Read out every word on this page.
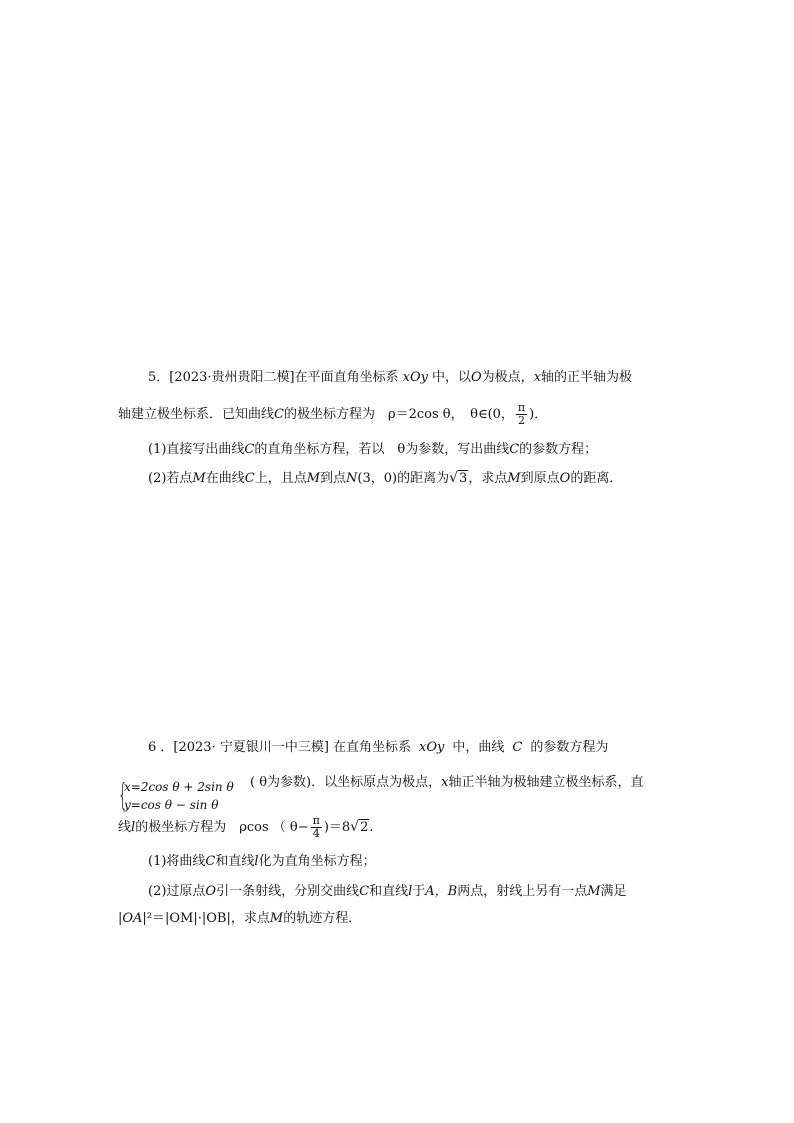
5．[2023·贵州贵阳二模]在平面直角坐标系 xOy 中，以O为极点，x轴的正半轴为极
轴建立极坐标系．已知曲线C的极坐标方程为　ρ＝2cos θ，　θ∈(0， $\frac{\pi}{2}$ )．
(1)直接写出曲线C的直角坐标方程，若以　θ为参数，写出曲线C的参数方程；
(2)若点M在曲线C上，且点M到点N(3，0)的距离为√3，求点M到原点O的距离．
6 ．[2023· 宁夏银川一中三模] 在直角坐标系 xOy 中，曲线 C 的参数方程为
{
x=2cos θ + 2sin θ
y=cos θ − sin θ
( θ为参数)．以坐标原点为极点，x轴正半轴为极轴建立极坐标系，直
线l的极坐标方程为　ρcos （ $\theta- \frac{\pi}{4} )=8√2$.
(1)将曲线C和直线l化为直角坐标方程；
(2)过原点O引一条射线，分别交曲线C和直线l于A，B两点，射线上另有一点M满足
|OA|²＝|OM|·|OB|，求点M的轨迹方程．
